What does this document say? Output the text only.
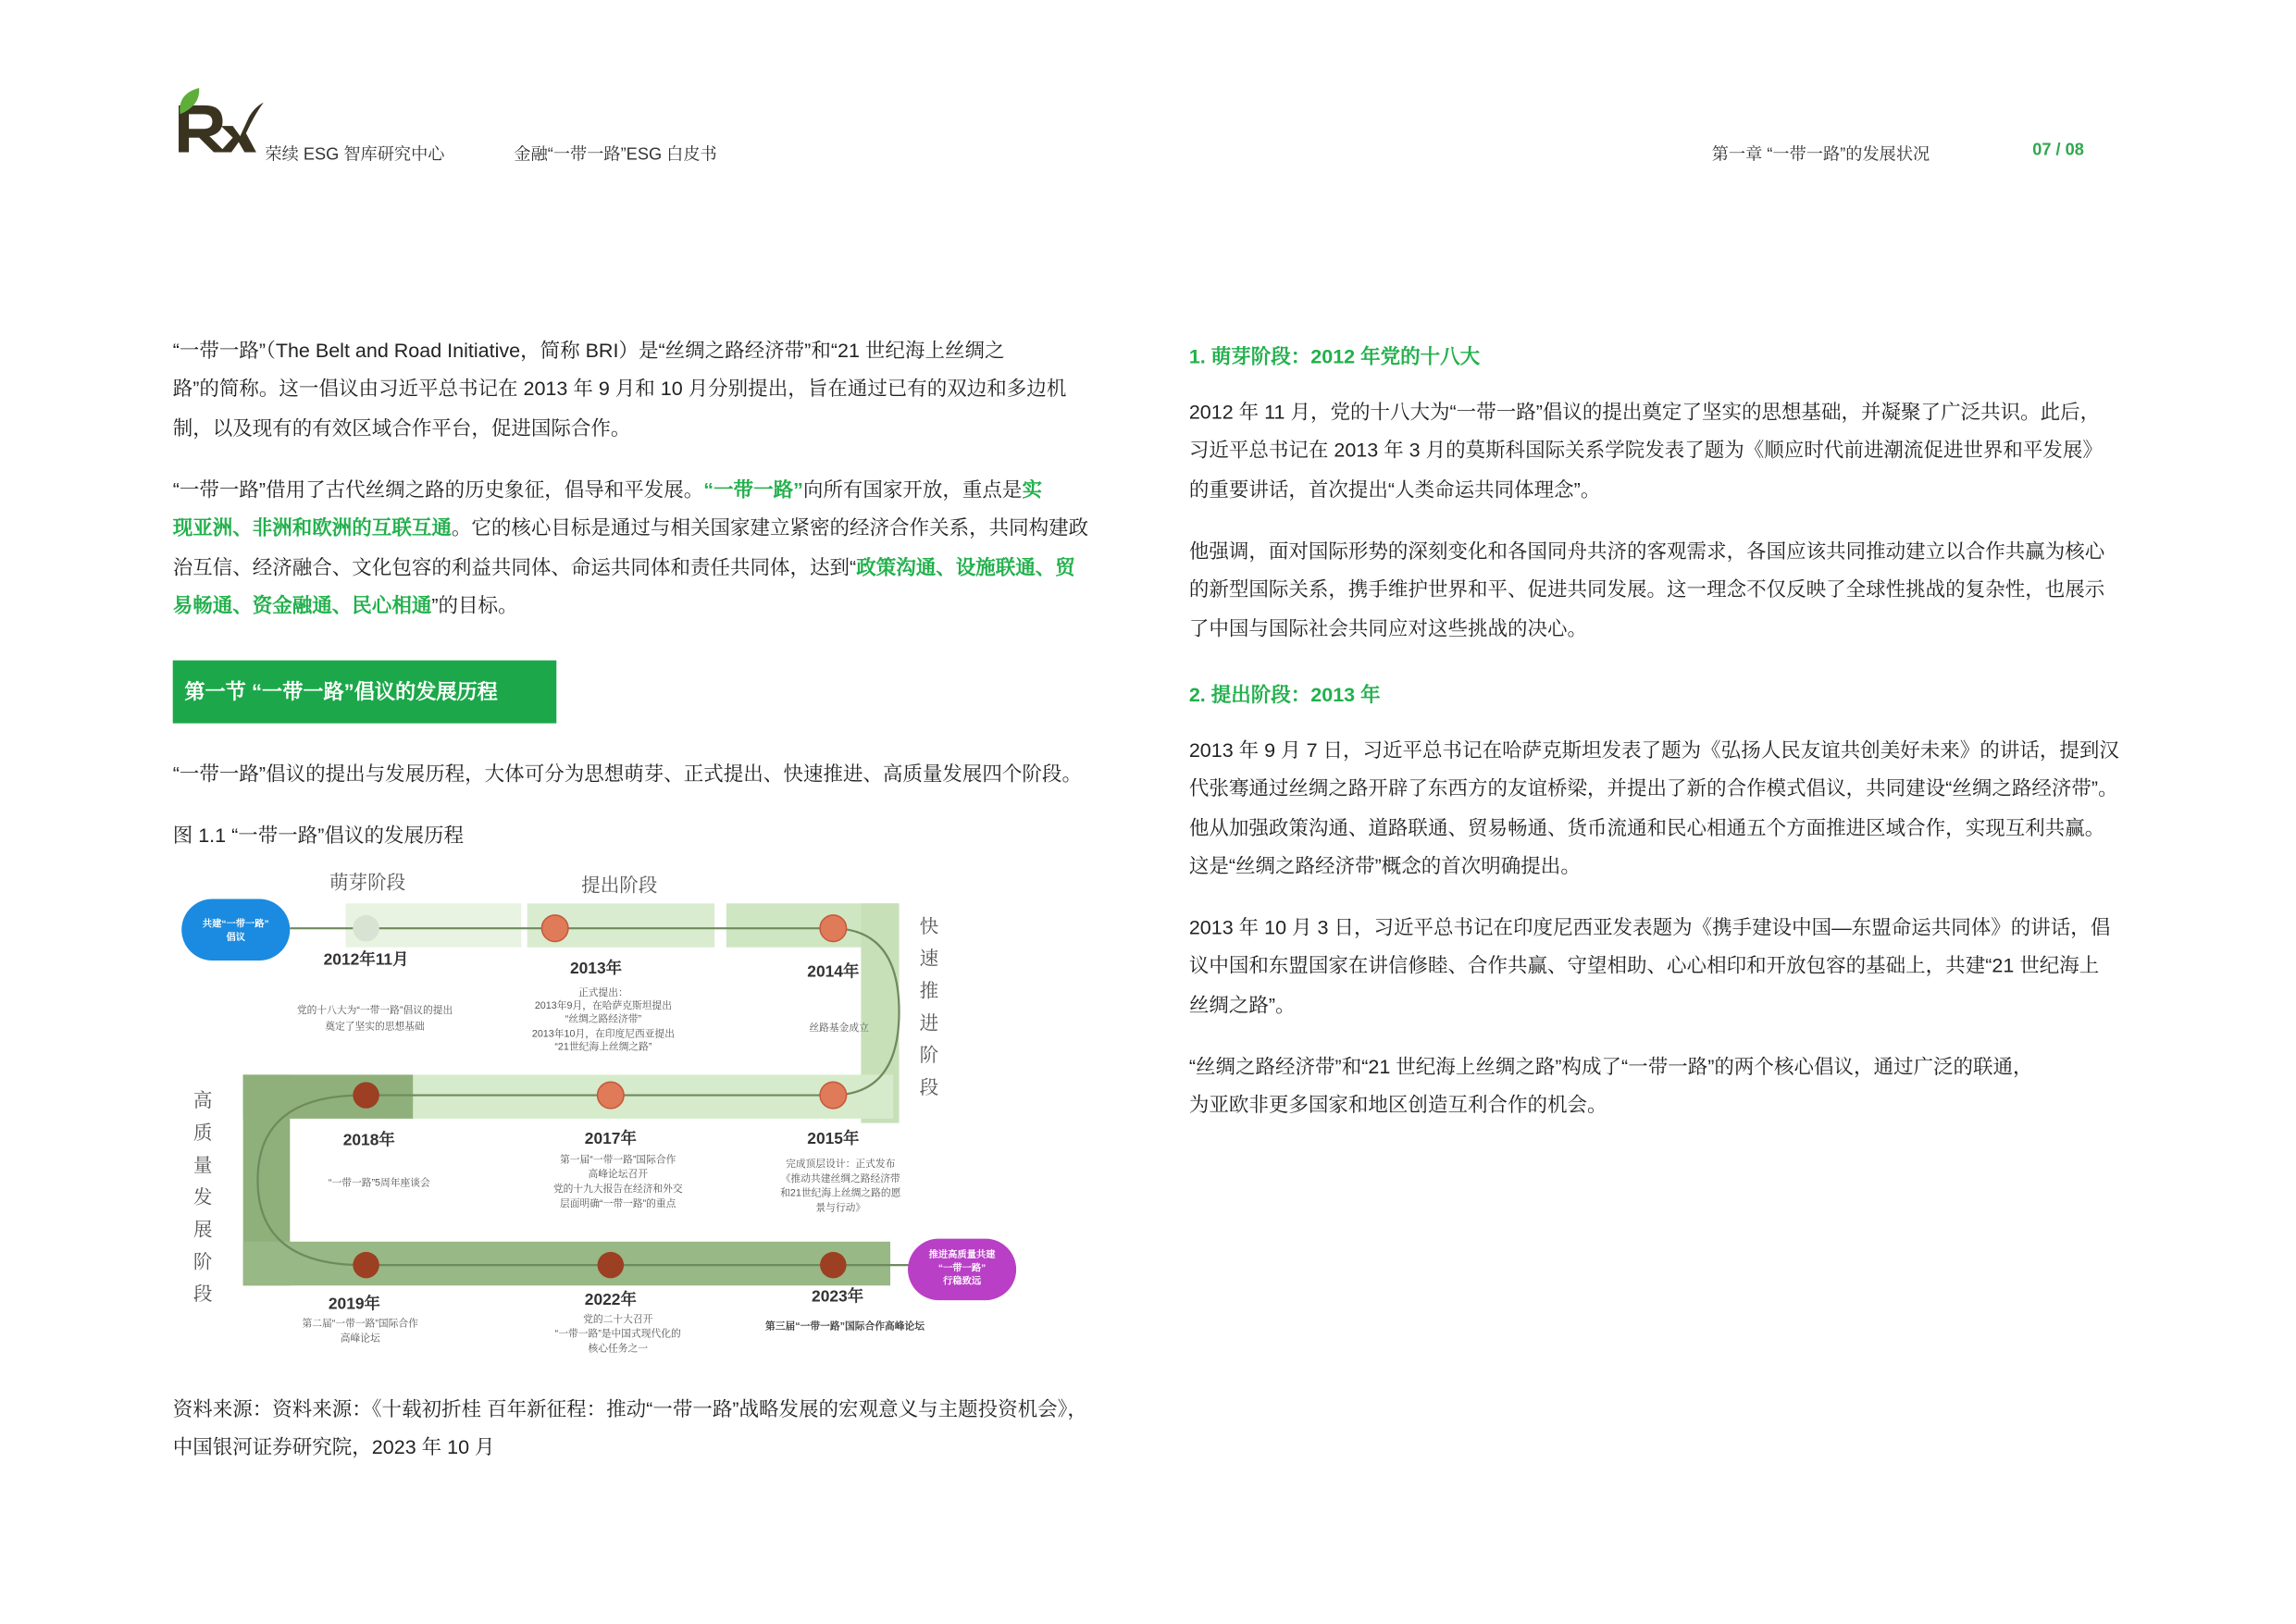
荣续 ESG 智库研究中心	金融“一带一路”ESG 白皮书	第一章 “一带一路”的发展状况	07 / 08

“一带一路”（The Belt and Road Initiative，简称 BRI）是“丝绸之路经济带”和“21 世纪海上丝绸之

路”的简称。这一倡议由习近平总书记在 2013 年 9 月和 10 月分别提出，旨在通过已有的双边和多边机

制，以及现有的有效区域合作平台，促进国际合作。

“一带一路”借用了古代丝绸之路的历史象征，倡导和平发展。“一带一路”向所有国家开放，重点是实

现亚洲、非洲和欧洲的互联互通。它的核心目标是通过与相关国家建立紧密的经济合作关系，共同构建政

治互信、经济融合、文化包容的利益共同体、命运共同体和责任共同体，达到“政策沟通、设施联通、贸

易畅通、资金融通、民心相通”的目标。

第一节 “一带一路”倡议的发展历程

“一带一路”倡议的提出与发展历程，大体可分为思想萌芽、正式提出、快速推进、高质量发展四个阶段。

图 1.1 “一带一路”倡议的发展历程

萌芽阶段	提出阶段
快
速
推
进
阶
段
高
质
量
发
展
阶
段
共建“一带一路”
倡议
推进高质量共建
“一带一路”
行稳致远
2012年11月	2013年	2014年
2015年
2017年
2018年
2019年	2022年	2023年
党的十八大为“一带一路”倡议的提出
奠定了坚实的思想基础
正式提出：
2013年9月，在哈萨克斯坦提出
“丝绸之路经济带”
2013年10月，在印度尼西亚提出
“21世纪海上丝绸之路”
丝路基金成立
完成顶层设计：正式发布
《推动共建丝绸之路经济带
和21世纪海上丝绸之路的愿
景与行动》
第一届“一带一路”国际合作
高峰论坛召开
党的十九大报告在经济和外交
层面明确“一带一路”的重点
“一带一路”5周年座谈会
第二届“一带一路”国际合作
高峰论坛
党的二十大召开
“一带一路”是中国式现代化的
核心任务之一
第三届“一带一路”国际合作高峰论坛

资料来源：资料来源：《十载初折桂 百年新征程：推动“一带一路”战略发展的宏观意义与主题投资机会》，

中国银河证券研究院，2023 年 10 月

1. 萌芽阶段：2012 年党的十八大

2012 年 11 月，党的十八大为“一带一路”倡议的提出奠定了坚实的思想基础，并凝聚了广泛共识。此后，

习近平总书记在 2013 年 3 月的莫斯科国际关系学院发表了题为《顺应时代前进潮流促进世界和平发展》

的重要讲话，首次提出“人类命运共同体理念”。

他强调，面对国际形势的深刻变化和各国同舟共济的客观需求，各国应该共同推动建立以合作共赢为核心

的新型国际关系，携手维护世界和平、促进共同发展。这一理念不仅反映了全球性挑战的复杂性，也展示

了中国与国际社会共同应对这些挑战的决心。

2. 提出阶段：2013 年

2013 年 9 月 7 日，习近平总书记在哈萨克斯坦发表了题为《弘扬人民友谊共创美好未来》的讲话，提到汉

代张骞通过丝绸之路开辟了东西方的友谊桥梁，并提出了新的合作模式倡议，共同建设“丝绸之路经济带”。

他从加强政策沟通、道路联通、贸易畅通、货币流通和民心相通五个方面推进区域合作，实现互利共赢。

这是“丝绸之路经济带”概念的首次明确提出。

2013 年 10 月 3 日，习近平总书记在印度尼西亚发表题为《携手建设中国—东盟命运共同体》的讲话，倡

议中国和东盟国家在讲信修睦、合作共赢、守望相助、心心相印和开放包容的基础上，共建“21 世纪海上

丝绸之路”。

“丝绸之路经济带”和“21 世纪海上丝绸之路”构成了“一带一路”的两个核心倡议，通过广泛的联通，

为亚欧非更多国家和地区创造互利合作的机会。
